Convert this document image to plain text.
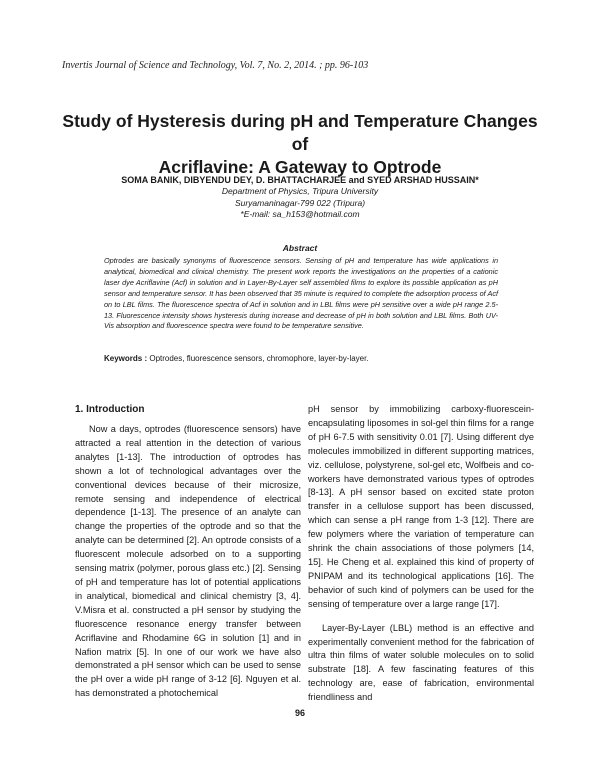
Invertis Journal of Science and Technology, Vol. 7, No. 2, 2014. ; pp. 96-103
Study of Hysteresis during pH and Temperature Changes of
Acriflavine: A Gateway to Optrode
SOMA BANIK, DIBYENDU DEY, D. BHATTACHARJEE and SYED ARSHAD HUSSAIN*
Department of Physics, Tripura University
Suryamaninagar-799 022 (Tripura)
*E-mail: sa_h153@hotmail.com
Abstract
Optrodes are basically synonyms of fluorescence sensors. Sensing of pH and temperature has wide applications in analytical, biomedical and clinical chemistry. The present work reports the investigations on the properties of a cationic laser dye Acriflavine (Acf) in solution and in Layer-By-Layer self assembled films to explore its possible application as pH sensor and temperature sensor. It has been observed that 35 minute is required to complete the adsorption process of Acf on to LBL films. The fluorescence spectra of Acf in solution and in LBL films were pH sensitive over a wide pH range 2.5-13. Fluorescence intensity shows hysteresis during increase and decrease of pH in both solution and LBL films. Both UV-Vis absorption and fluorescence spectra were found to be temperature sensitive.
Keywords : Optrodes, fluorescence sensors, chromophore, layer-by-layer.
1. Introduction

Now a days, optrodes (fluorescence sensors) have attracted a real attention in the detection of various analytes [1-13]. The introduction of optrodes has shown a lot of technological advantages over the conventional devices because of their microsize, remote sensing and independence of electrical dependence [1-13]. The presence of an analyte can change the properties of the optrode and so that the analyte can be determined [2]. An optrode consists of a fluorescent molecule adsorbed on to a supporting sensing matrix (polymer, porous glass etc.) [2]. Sensing of pH and temperature has lot of potential applications in analytical, biomedical and clinical chemistry [3, 4]. V.Misra et al. constructed a pH sensor by studying the fluorescence resonance energy transfer between Acriflavine and Rhodamine 6G in solution [1] and in Nafion matrix [5]. In one of our work we have also demonstrated a pH sensor which can be used to sense the pH over a wide pH range of 3-12 [6]. Nguyen et al. has demonstrated a photochemical

pH sensor by immobilizing carboxy-fluorescein-encapsulating liposomes in sol-gel thin films for a range of pH 6-7.5 with sensitivity 0.01 [7]. Using different dye molecules immobilized in different supporting matrices, viz. cellulose, polystyrene, sol-gel etc, Wolfbeis and co-workers have demonstrated various types of optrodes [8-13]. A pH sensor based on excited state proton transfer in a cellulose support has been discussed, which can sense a pH range from 1-3 [12]. There are few polymers where the variation of temperature can shrink the chain associations of those polymers [14, 15]. He Cheng et al. explained this kind of property of PNIPAM and its technological applications [16]. The behavior of such kind of polymers can be used for the sensing of temperature over a large range [17].

Layer-By-Layer (LBL) method is an effective and experimentally convenient method for the fabrication of ultra thin films of water soluble molecules on to solid substrate [18]. A few fascinating features of this technology are, ease of fabrication, environmental friendliness and

96
